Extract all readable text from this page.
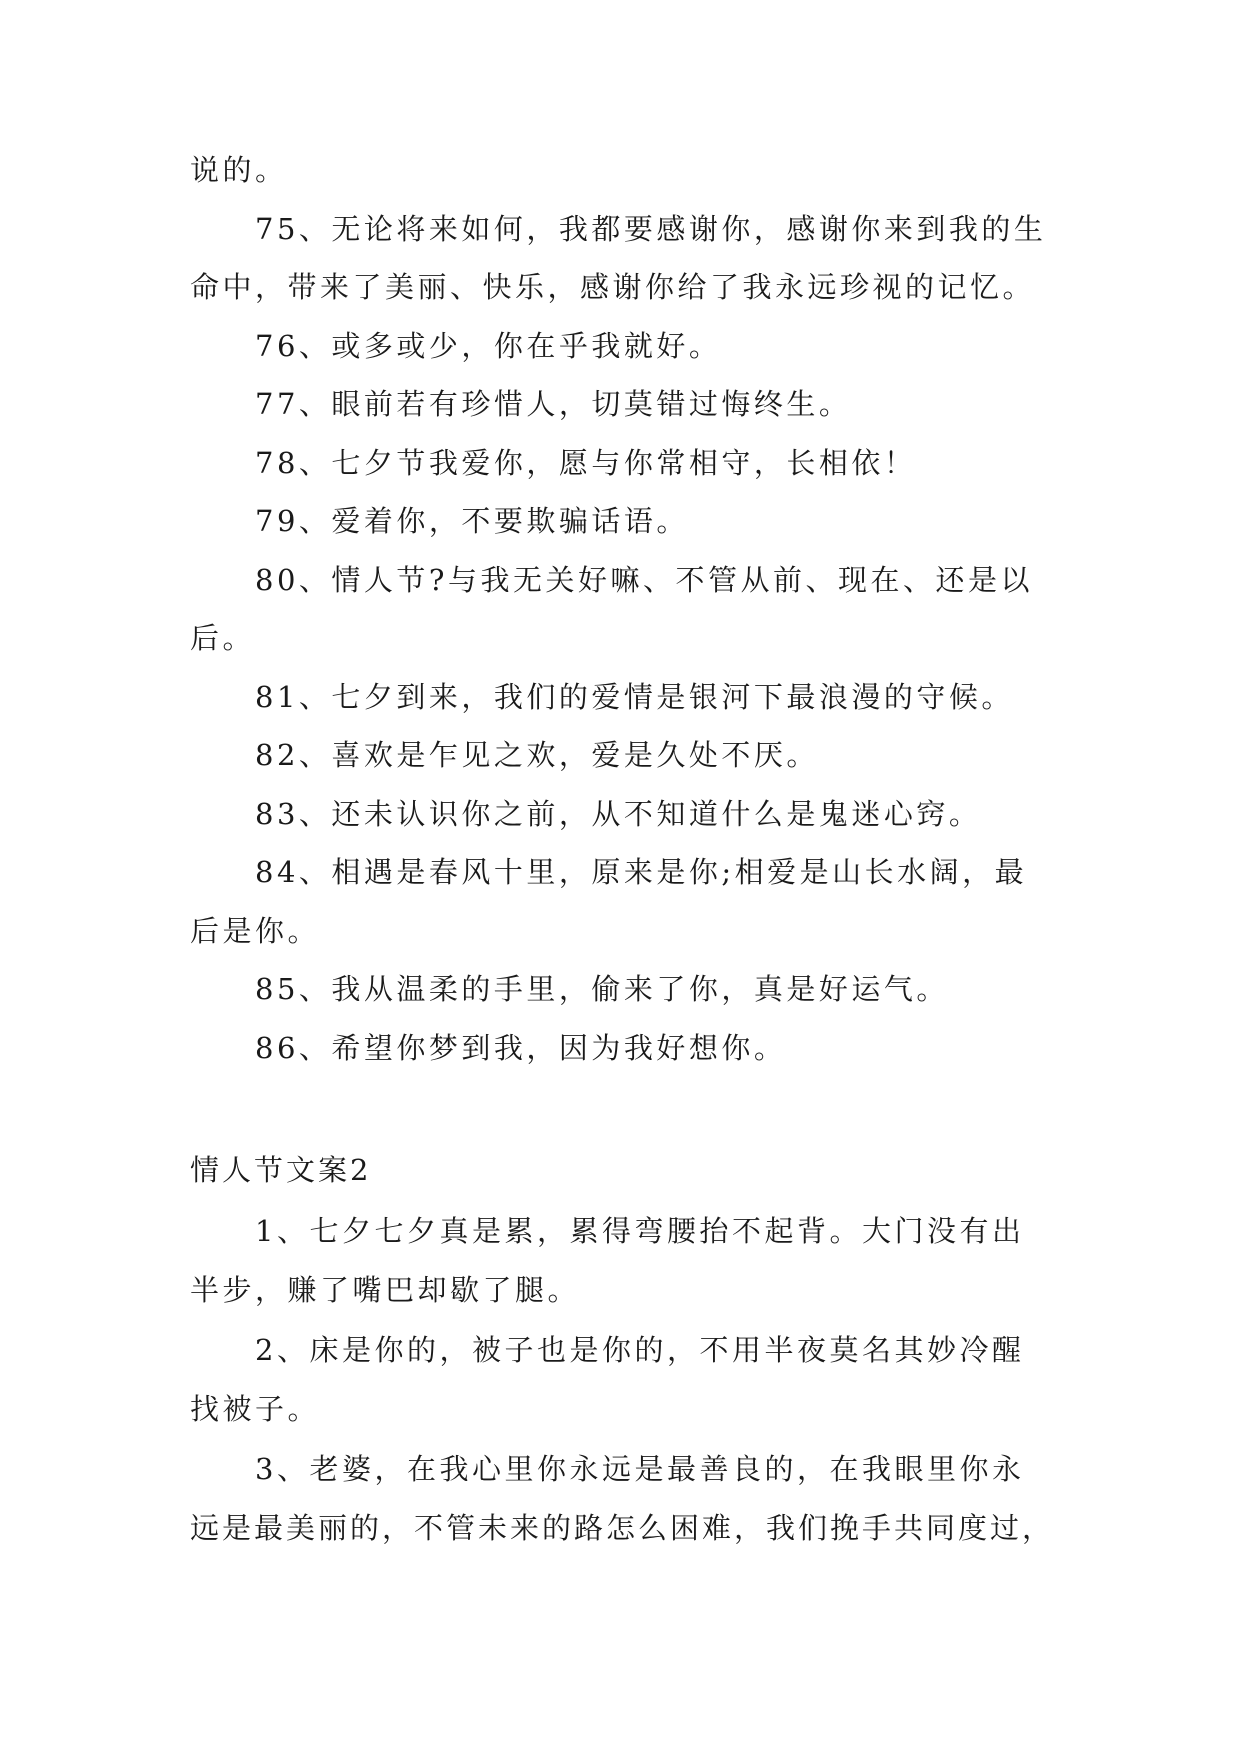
说的。

75、无论将来如何，我都要感谢你，感谢你来到我的生

命中，带来了美丽、快乐，感谢你给了我永远珍视的记忆。

76、或多或少，你在乎我就好。

77、眼前若有珍惜人，切莫错过悔终生。

78、七夕节我爱你，愿与你常相守，长相依！

79、爱着你，不要欺骗话语。

80、情人节?与我无关好嘛、不管从前、现在、还是以

后。

81、七夕到来，我们的爱情是银河下最浪漫的守候。

82、喜欢是乍见之欢，爱是久处不厌。

83、还未认识你之前，从不知道什么是鬼迷心窍。

84、相遇是春风十里，原来是你;相爱是山长水阔，最

后是你。

85、我从温柔的手里，偷来了你，真是好运气。

86、希望你梦到我，因为我好想你。

情人节文案2

1、七夕七夕真是累，累得弯腰抬不起背。大门没有出

半步，赚了嘴巴却歇了腿。

2、床是你的，被子也是你的，不用半夜莫名其妙冷醒

找被子。

3、老婆，在我心里你永远是最善良的，在我眼里你永

远是最美丽的，不管未来的路怎么困难，我们挽手共同度过，
